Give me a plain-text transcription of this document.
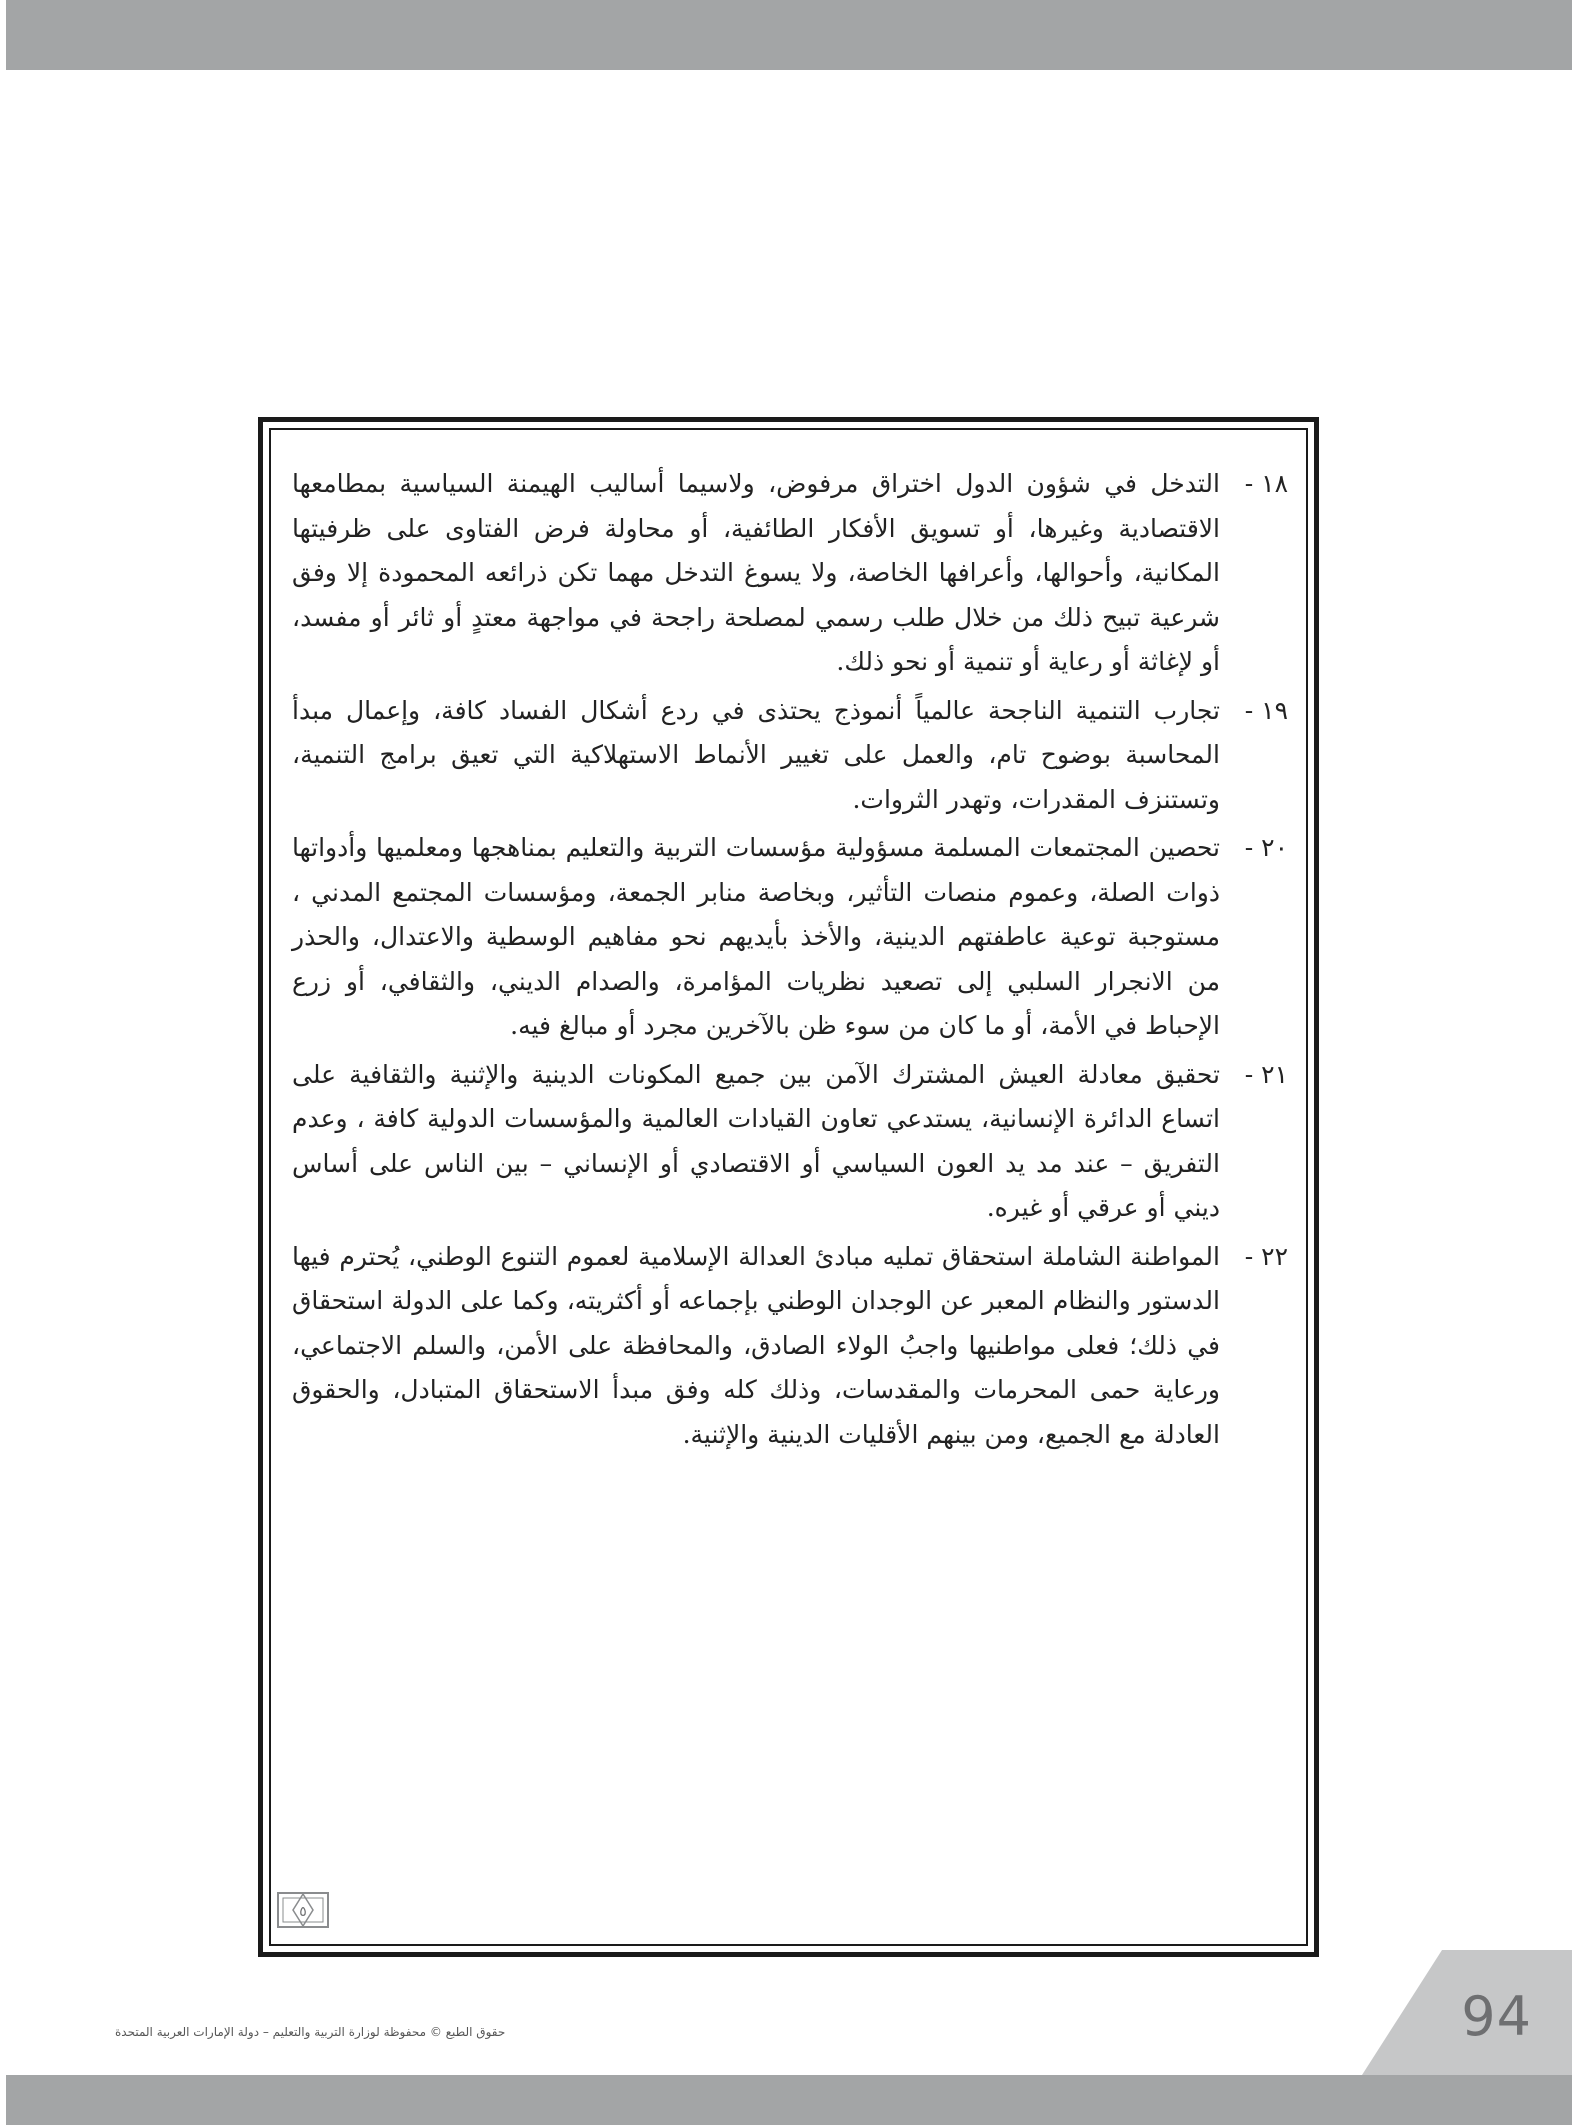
١٨ -
التدخل في شؤون الدول اختراق مرفوض، ولاسيما أساليب الهيمنة السياسية بمطامعها الاقتصادية وغيرها، أو تسويق الأفكار الطائفية، أو محاولة فرض الفتاوى على ظرفيتها المكانية، وأحوالها، وأعرافها الخاصة، ولا يسوغ التدخل مهما تكن ذرائعه المحمودة إلا وفق شرعية تبيح ذلك من خلال طلب رسمي لمصلحة راجحة في مواجهة معتدٍ أو ثائر أو مفسد، أو لإغاثة أو رعاية أو تنمية أو نحو ذلك.
١٩ -
تجارب التنمية الناجحة عالمياً أنموذج يحتذى في ردع أشكال الفساد كافة، وإعمال مبدأ المحاسبة بوضوح تام، والعمل على تغيير الأنماط الاستهلاكية التي تعيق برامج التنمية، وتستنزف المقدرات، وتهدر الثروات.
٢٠ -
تحصين المجتمعات المسلمة مسؤولية مؤسسات التربية والتعليم بمناهجها ومعلميها وأدواتها ذوات الصلة، وعموم منصات التأثير، وبخاصة منابر الجمعة، ومؤسسات المجتمع المدني ، مستوجبة توعية عاطفتهم الدينية، والأخذ بأيديهم نحو مفاهيم الوسطية والاعتدال، والحذر من الانجرار السلبي إلى تصعيد نظريات المؤامرة، والصدام الديني، والثقافي، أو زرع الإحباط في الأمة، أو ما كان من سوء ظن بالآخرين مجرد أو مبالغ فيه.
٢١ -
تحقيق معادلة العيش المشترك الآمن بين جميع المكونات الدينية والإثنية والثقافية على اتساع الدائرة الإنسانية، يستدعي تعاون القيادات العالمية والمؤسسات الدولية كافة ، وعدم التفريق – عند مد يد العون السياسي أو الاقتصادي أو الإنساني – بين الناس على أساس ديني أو عرقي أو غيره.
٢٢ -
المواطنة الشاملة استحقاق تمليه مبادئ العدالة الإسلامية لعموم التنوع الوطني، يُحترم فيها الدستور والنظام المعبر عن الوجدان الوطني بإجماعه أو أكثريته، وكما على الدولة استحقاق في ذلك؛ فعلى مواطنيها واجبُ الولاء الصادق، والمحافظة على الأمن، والسلم الاجتماعي، ورعاية حمى المحرمات والمقدسات، وذلك كله وفق مبدأ الاستحقاق المتبادل، والحقوق العادلة مع الجميع، ومن بينهم الأقليات الدينية والإثنية.
٥
94
حقوق الطبع © محفوظة لوزارة التربية والتعليم – دولة الإمارات العربية المتحدة
